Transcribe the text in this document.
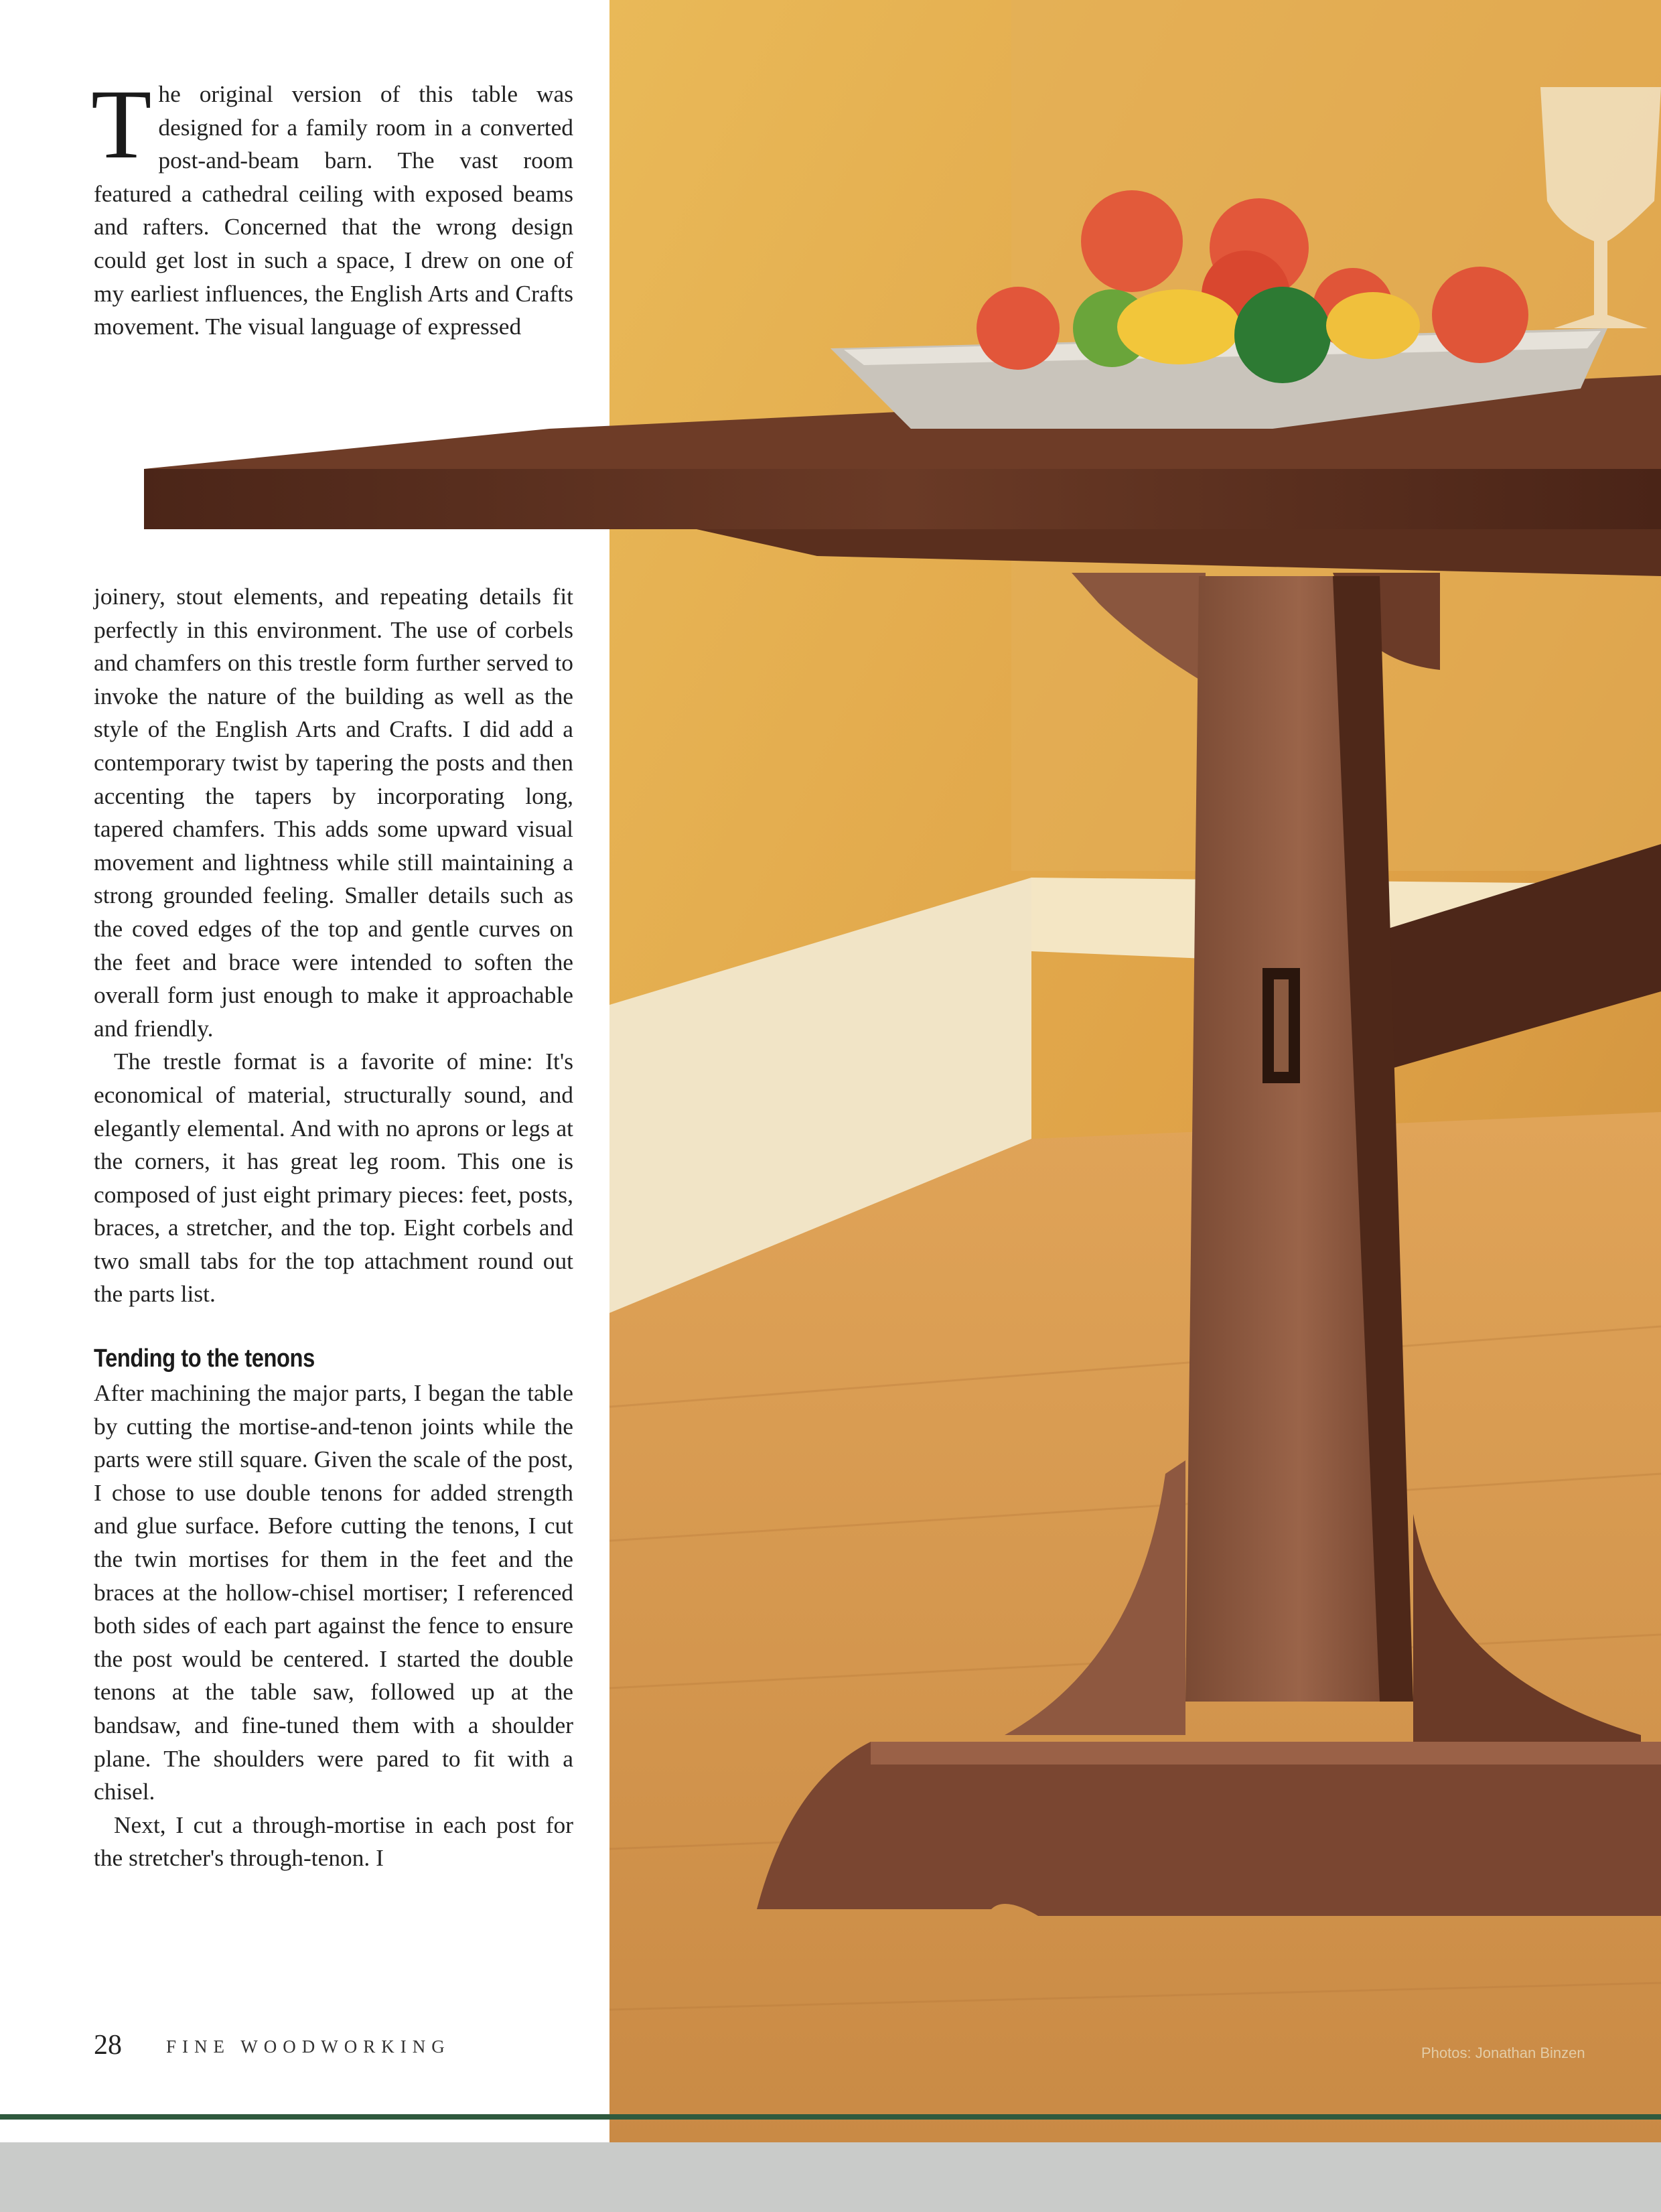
The original version of this table was designed for a family room in a converted post-and-beam barn. The vast room featured a cathedral ceiling with exposed beams and rafters. Concerned that the wrong design could get lost in such a space, I drew on one of my earliest influences, the English Arts and Crafts movement. The visual language of expressed

joinery, stout elements, and repeating details fit perfectly in this environment. The use of corbels and chamfers on this trestle form further served to invoke the nature of the building as well as the style of the English Arts and Crafts. I did add a contemporary twist by tapering the posts and then accenting the tapers by incorporating long, tapered chamfers. This adds some upward visual movement and lightness while still maintaining a strong grounded feeling. Smaller details such as the coved edges of the top and gentle curves on the feet and brace were intended to soften the overall form just enough to make it approachable and friendly.

The trestle format is a favorite of mine: It's economical of material, structurally sound, and elegantly elemental. And with no aprons or legs at the corners, it has great leg room. This one is composed of just eight primary pieces: feet, posts, braces, a stretcher, and the top. Eight corbels and two small tabs for the top attachment round out the parts list.

Tending to the tenons

After machining the major parts, I began the table by cutting the mortise-and-tenon joints while the parts were still square. Given the scale of the post, I chose to use double tenons for added strength and glue surface. Before cutting the tenons, I cut the twin mortises for them in the feet and the braces at the hollow-chisel mortiser; I referenced both sides of each part against the fence to ensure the post would be centered. I started the double tenons at the table saw, followed up at the bandsaw, and fine-tuned them with a shoulder plane. The shoulders were pared to fit with a chisel.

Next, I cut a through-mortise in each post for the stretcher's through-tenon. I

28 FINE WOODWORKING	Photos: Jonathan Binzen
